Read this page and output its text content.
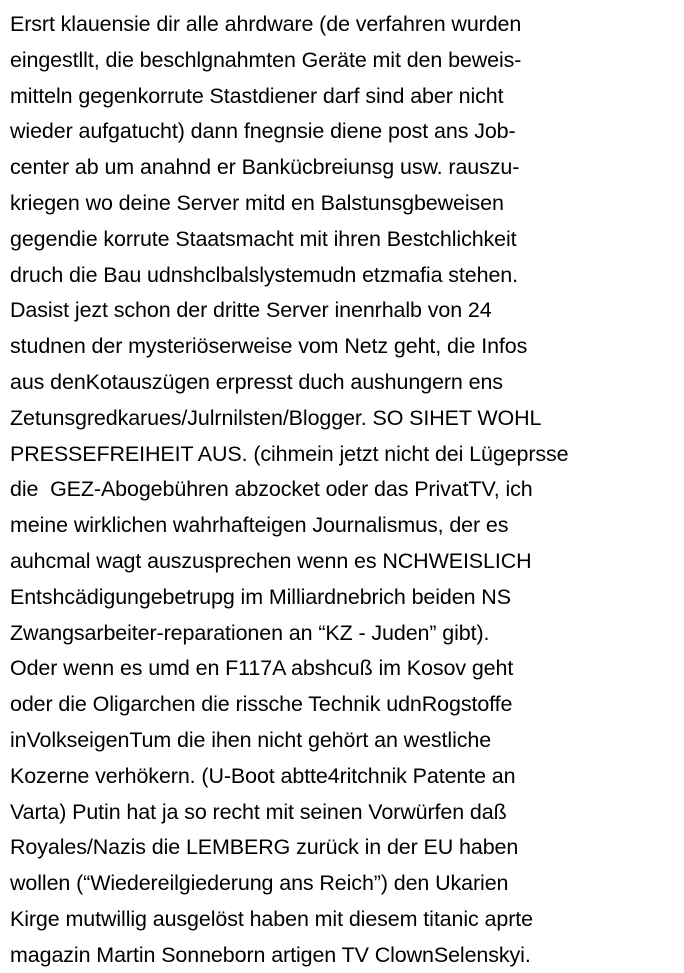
Ersrt klauensie dir alle ahrdware (de verfahren wurden
eingestllt, die beschlgnahmten Geräte mit den beweis-
mitteln gegenkorrute Stastdiener darf sind aber nicht
wieder aufgatucht) dann fnegnsie diene post ans Job-
center ab um anahnd er Bankücbreiunsg usw. rauszu-
kriegen wo deine Server mitd en Balstunsgbeweisen
gegendie korrute Staatsmacht mit ihren Bestchlichkeit
druch die Bau udnshclbalslystemudn etzmafia stehen.
Dasist jezt schon der dritte Server inenrhalb von 24
studnen der mysteriöserweise vom Netz geht, die Infos
aus denKotauszügen erpresst duch aushungern ens
Zetunsgredkarues/Julrnilsten/Blogger. SO SIHET WOHL
PRESSEFREIHEIT AUS. (cihmein jetzt nicht dei Lügeprsse
die  GEZ-Abogebühren abzocket oder das PrivatTV, ich
meine wirklichen wahrhafteigen Journalismus, der es
auhcmal wagt auszusprechen wenn es NCHWEISLICH
Entshcädigungebetrupg im Milliardnebrich beiden NS
Zwangsarbeiter-reparationen an “KZ - Juden” gibt).
Oder wenn es umd en F117A abshcuß im Kosov geht
oder die Oligarchen die rissche Technik udnRogstoffe
inVolkseigenTum die ihen nicht gehört an westliche
Kozerne verhökern. (U-Boot abtte4ritchnik Patente an
Varta) Putin hat ja so recht mit seinen Vorwürfen daß
Royales/Nazis die LEMBERG zurück in der EU haben
wollen (“Wiedereilgiederung ans Reich”) den Ukarien
Kirge mutwillig ausgelöst haben mit diesem titanic aprte
magazin Martin Sonneborn artigen TV ClownSelenskyi.
